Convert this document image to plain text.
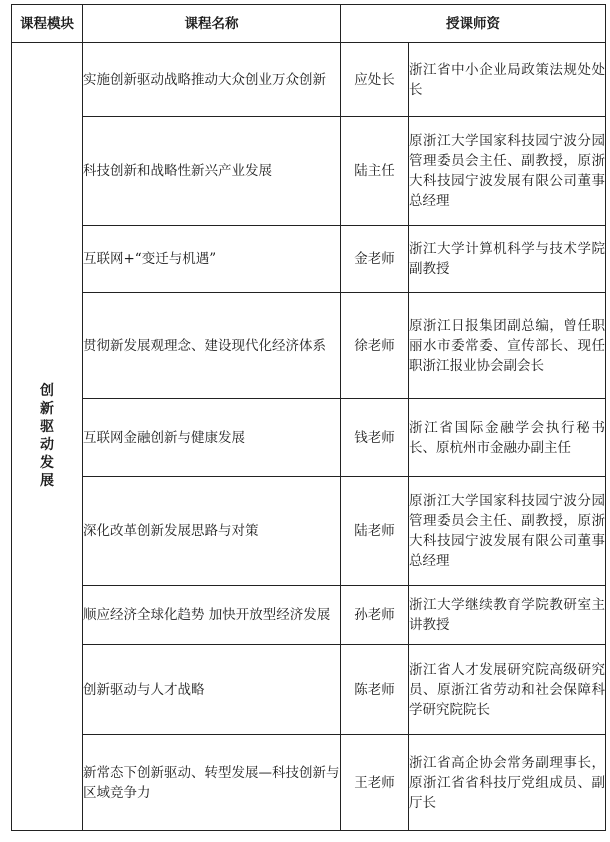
课程模块	课程名称	授课师资	
创新驱动发展	实施创新驱动战略推动大众创业万众创新	应处长	浙江省中小企业局政策法规处处长
	科技创新和战略性新兴产业发展	陆主任	原浙江大学国家科技园宁波分园管理委员会主任、副教授，原浙大科技园宁波发展有限公司董事总经理
	互联网+“变迁与机遇”	金老师	浙江大学计算机科学与技术学院副教授
	贯彻新发展观理念、建设现代化经济体系	徐老师	原浙江日报集团副总编，曾任职丽水市委常委、宣传部长、现任职浙江报业协会副会长
	互联网金融创新与健康发展	钱老师	浙江省国际金融学会执行秘书长、原杭州市金融办副主任
	深化改革创新发展思路与对策	陆老师	原浙江大学国家科技园宁波分园管理委员会主任、副教授，原浙大科技园宁波发展有限公司董事总经理
	顺应经济全球化趋势 加快开放型经济发展	孙老师	浙江大学继续教育学院教研室主讲教授
	创新驱动与人才战略	陈老师	浙江省人才发展研究院高级研究员、原浙江省劳动和社会保障科学研究院院长
	新常态下创新驱动、转型发展—科技创新与区域竞争力	王老师	浙江省高企协会常务副理事长，原浙江省省科技厅党组成员、副厅长
